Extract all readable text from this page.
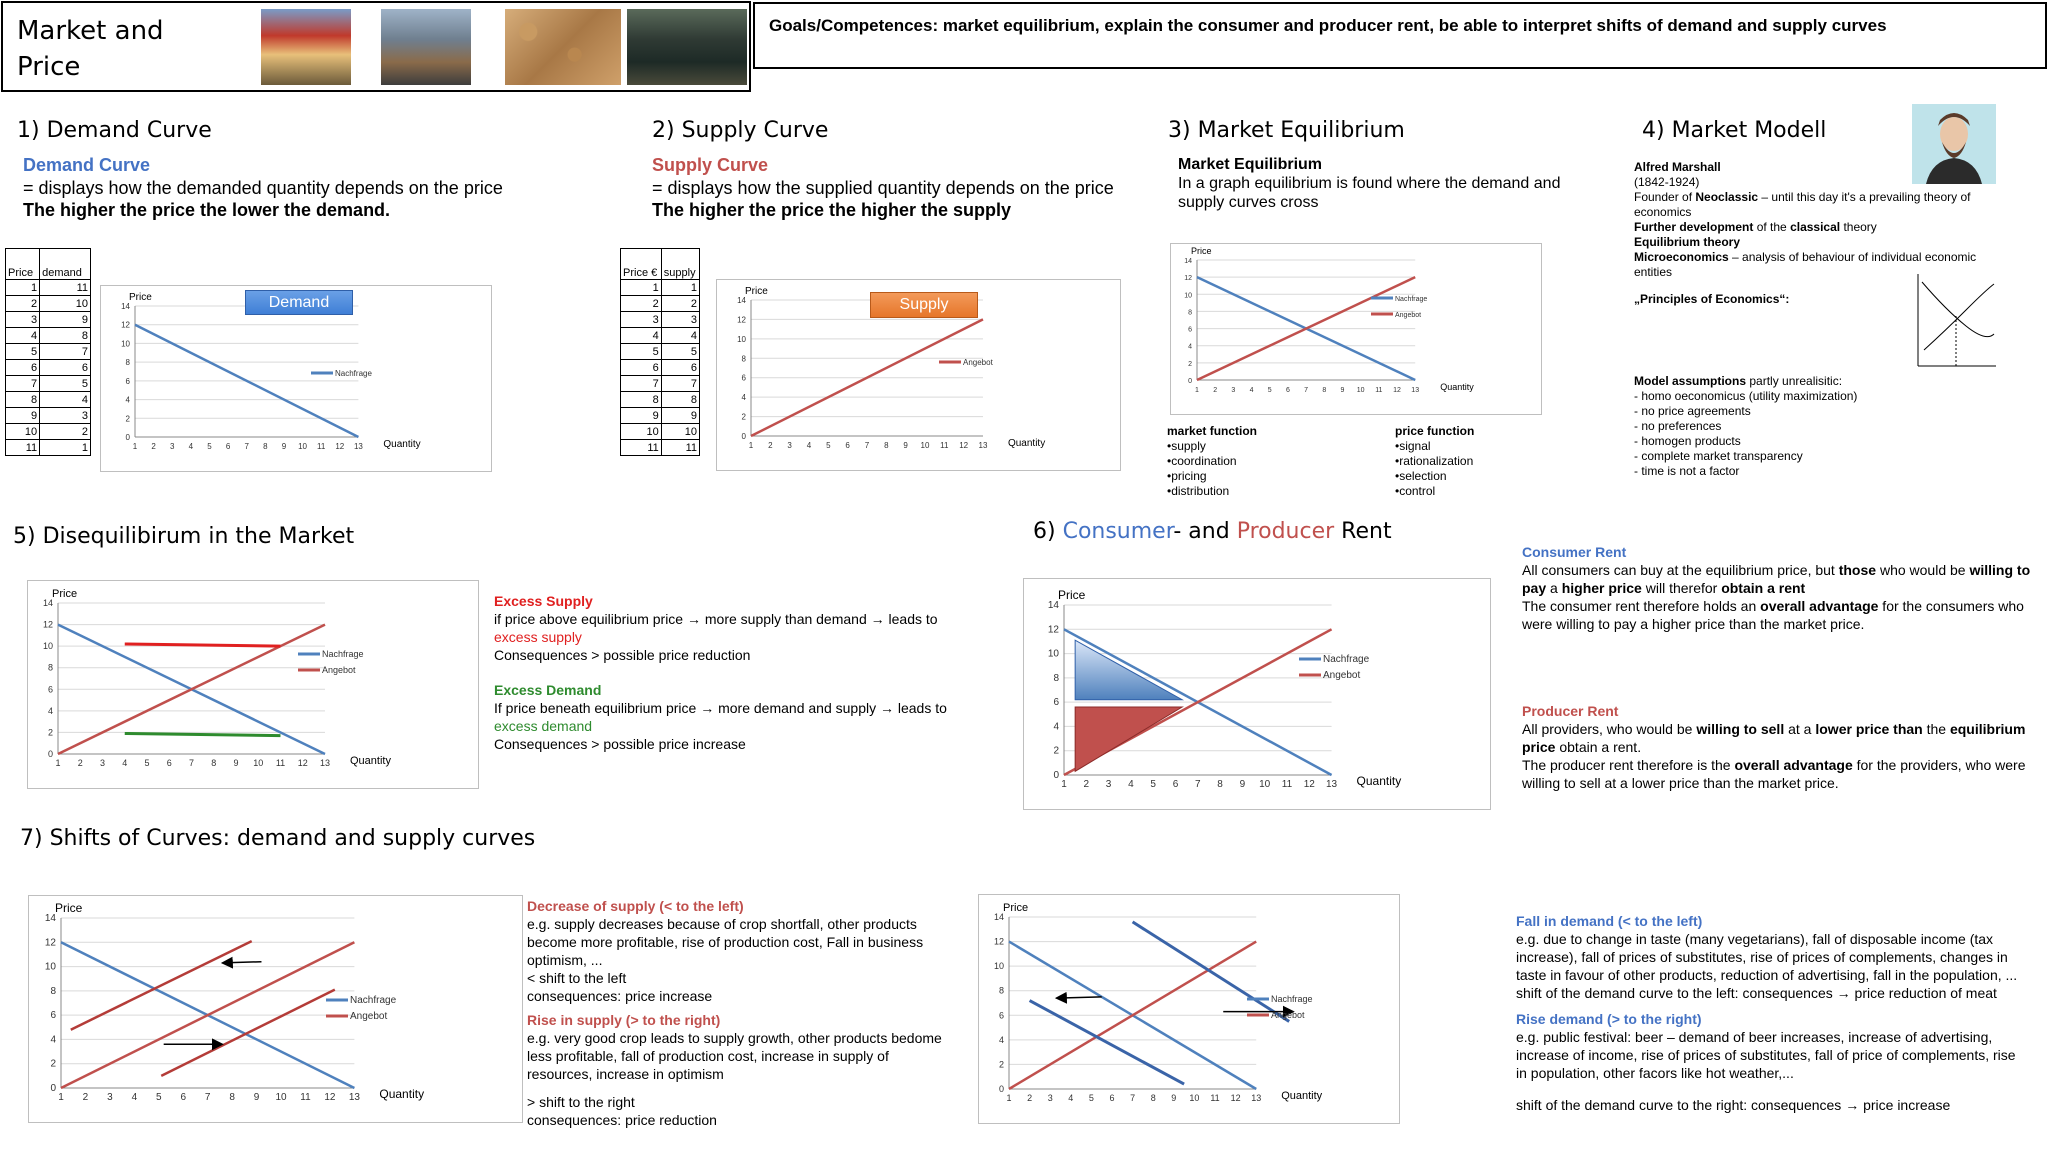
Market and Price
Goals/Competences: market equilibrium, explain the consumer and producer rent, be able to interpret shifts of demand and supply curves
1) Demand Curve
Demand Curve
= displays how the demanded quantity depends on the price
The higher the price the lower the demand.
Price	demand
1	11
2	10
3	9
4	8
5	7
6	6
7	5
8	4
9	3
10	2
11	1
0
2
4
6
8
10
12
14
1 2 3 4 5 6 7 8 9 10 11 12 13
Price
Quantity
Nachfrage
Demand
2) Supply Curve
Supply Curve
= displays how the supplied quantity depends on the price
The higher the price the higher the supply
Price €	supply
1	1
2	2
3	3
4	4
5	5
6	6
7	7
8	8
9	9
10	10
11	11
0
2
4
6
8
10
12
14
1 2 3 4 5 6 7 8 9 10 11 12 13
Price
Quantity
Angebot
Supply
3) Market Equilibrium
Market Equilibrium
In a graph equilibrium is found where the demand and supply curves cross
0
2
4
6
8
10
12
14
1 2 3 4 5 6 7 8 9 10 11 12 13
Price
Quantity
Nachfrage
Angebot
market function
•supply
•coordination
•pricing
•distribution
price function
•signal
•rationalization
•selection
•control
4) Market Modell
Alfred Marshall
(1842-1924)
Founder of Neoclassic – until this day it's a prevailing theory of economics
Further development of the classical theory
Equilibrium theory
Microeconomics – analysis of behaviour of individual economic entities
„Principles of Economics“:
Model assumptions partly unrealisitic:
- homo oeconomicus (utility maximization)
- no price agreements
- no preferences
- homogen products
- complete market transparency
- time is not a factor
5) Disequilibirum in the Market
0
2
4
6
8
10
12
14
1 2 3 4 5 6 7 8 9 10 11 12 13
Price
Quantity
Nachfrage
Angebot
Excess Supply
if price above equilibrium price → more supply than demand → leads to excess supply
Consequences > possible price reduction
Excess Demand
If price beneath equilibrium price → more demand and supply → leads to excess demand
Consequences > possible price increase
6) Consumer- and Producer Rent
0
2
4
6
8
10
12
14
1 2 3 4 5 6 7 8 9 10 11 12 13
Price
Quantity
Nachfrage
Angebot
Consumer Rent
All consumers can buy at the equilibrium price, but those who would be willing to pay a higher price will therefor obtain a rent
The consumer rent therefore holds an overall advantage for the consumers who were willing to pay a higher price than the market price.
Producer Rent
All providers, who would be willing to sell at a lower price than the equilibrium price obtain a rent.
The producer rent therefore is the overall advantage for the providers, who were willing to sell at a lower price than the market price.
7) Shifts of Curves: demand and supply curves
0
2
4
6
8
10
12
14
1 2 3 4 5 6 7 8 9 10 11 12 13
Price
Quantity
Nachfrage
Angebot
Decrease of supply (< to the left)
e.g. supply decreases because of crop shortfall, other products become more profitable, rise of production cost, Fall in business optimism, ...
< shift to the left
consequences: price increase
Rise in supply (> to the right)
e.g. very good crop leads to supply growth, other products bedome less profitable, fall of production cost, increase in supply of resources, increase in optimism
> shift to the right
consequences: price reduction
0
2
4
6
8
10
12
14
1 2 3 4 5 6 7 8 9 10 11 12 13
Price
Quantity
Nachfrage
Angebot
Fall in demand (< to the left)
e.g. due to change in taste (many vegetarians), fall of disposable income (tax increase), fall of prices of substitutes, rise of prices of complements, changes in taste in favour of other products, reduction of advertising, fall in the population, ... shift of the demand curve to the left: consequences → price reduction of meat
Rise demand (> to the right)
e.g. public festival: beer – demand of beer increases, increase of advertising, increase of income, rise of prices of substitutes, fall of price of complements, rise in population, other facors like hot weather,...
shift of the demand curve to the right: consequences → price increase
